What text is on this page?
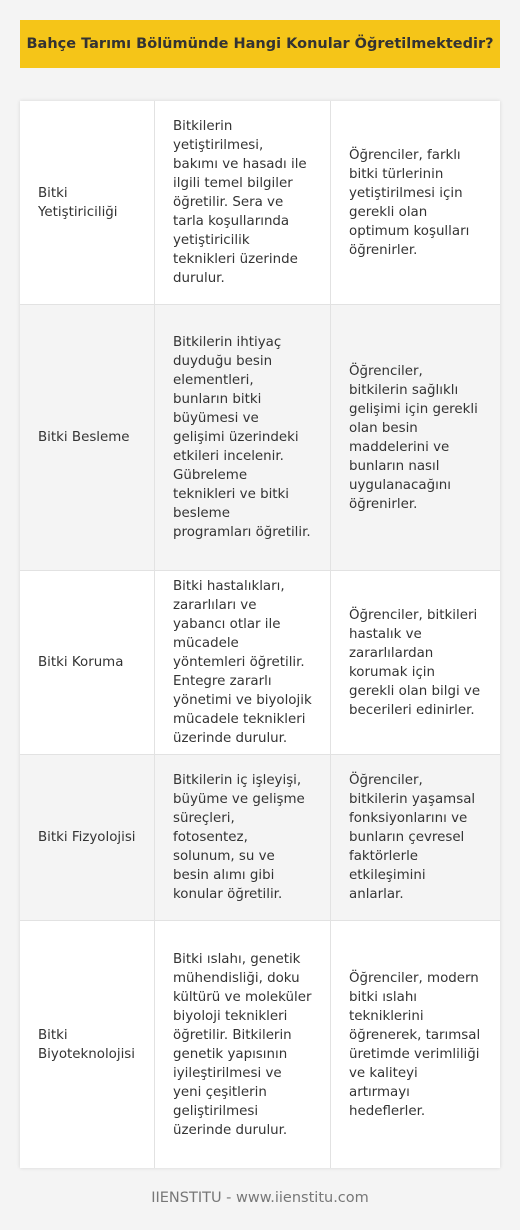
Bahçe Tarımı Bölümünde Hangi Konular Öğretilmektedir?
Bitki Yetiştiriciliği
Bitkilerin yetiştirilmesi, bakımı ve hasadı ile ilgili temel bilgiler öğretilir. Sera ve tarla koşullarında yetiştiricilik teknikleri üzerinde durulur.
Öğrenciler, farklı bitki türlerinin yetiştirilmesi için gerekli olan optimum koşulları öğrenirler.
Bitki Besleme
Bitkilerin ihtiyaç duyduğu besin elementleri, bunların bitki büyümesi ve gelişimi üzerindeki etkileri incelenir. Gübreleme teknikleri ve bitki besleme programları öğretilir.
Öğrenciler, bitkilerin sağlıklı gelişimi için gerekli olan besin maddelerini ve bunların nasıl uygulanacağını öğrenirler.
Bitki Koruma
Bitki hastalıkları, zararlıları ve yabancı otlar ile mücadele yöntemleri öğretilir. Entegre zararlı yönetimi ve biyolojik mücadele teknikleri üzerinde durulur.
Öğrenciler, bitkileri hastalık ve zararlılardan korumak için gerekli olan bilgi ve becerileri edinirler.
Bitki Fizyolojisi
Bitkilerin iç işleyişi, büyüme ve gelişme süreçleri, fotosentez, solunum, su ve besin alımı gibi konular öğretilir.
Öğrenciler, bitkilerin yaşamsal fonksiyonlarını ve bunların çevresel faktörlerle etkileşimini anlarlar.
Bitki Biyoteknolojisi
Bitki ıslahı, genetik mühendisliği, doku kültürü ve moleküler biyoloji teknikleri öğretilir. Bitkilerin genetik yapısının iyileştirilmesi ve yeni çeşitlerin geliştirilmesi üzerinde durulur.
Öğrenciler, modern bitki ıslahı tekniklerini öğrenerek, tarımsal üretimde verimliliği ve kaliteyi artırmayı hedeflerler.
IIENSTITU - www.iienstitu.com
